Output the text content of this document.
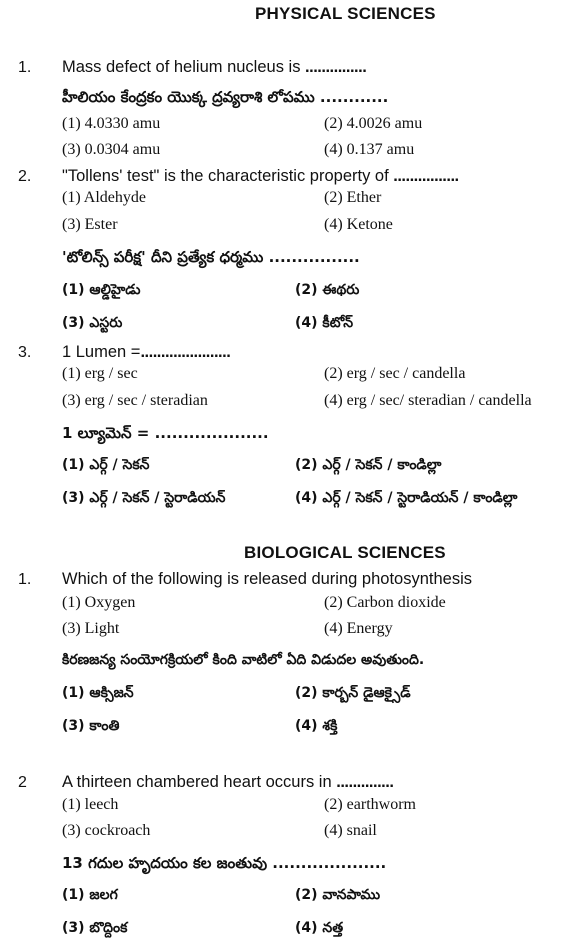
PHYSICAL SCIENCES
1. Mass defect of helium nucleus is ...............
హీలియం కేంద్రకం యొక్క ద్రవ్యరాశి లోపము ............
(1) 4.0330 amu	(2) 4.0026 amu
(3) 0.0304 amu	(4) 0.137 amu
2. "Tollens' test" is the characteristic property of ................
(1) Aldehyde	(2) Ether
(3) Ester	(4) Ketone
'టోలిన్స్ పరీక్ష' దీని ప్రత్యేక ధర్మము ................
(1) ఆల్డిహైడు	(2) ఈథరు
(3) ఎస్టరు	(4) కీటోన్
3. 1 Lumen =......................
(1) erg / sec	(2) erg / sec / candella
(3) erg / sec / steradian	(4) erg / sec/ steradian / candella
1 ల్యూమెన్ = ....................
(1) ఎర్గ్ / సెకన్	(2) ఎర్గ్ / సెకన్ / కాండిల్లా
(3) ఎర్గ్ / సెకన్ / స్టెరాడియన్	(4) ఎర్గ్ / సెకన్ / స్టెరాడియన్ / కాండిల్లా
BIOLOGICAL SCIENCES
1. Which of the following is released during photosynthesis
(1) Oxygen	(2) Carbon dioxide
(3) Light	(4) Energy
కిరణజన్య సంయోగక్రియలో కింది వాటిలో ఏది విడుదల అవుతుంది.
(1) ఆక్సిజన్	(2) కార్బన్ డైఆక్సైడ్
(3) కాంతి	(4) శక్తి
2 A thirteen chambered heart occurs in ..............
(1) leech	(2) earthworm
(3) cockroach	(4) snail
13 గదుల హృదయం కల జంతువు ....................
(1) జలగ	(2) వానపాము
(3) బొద్దింక	(4) నత్త
